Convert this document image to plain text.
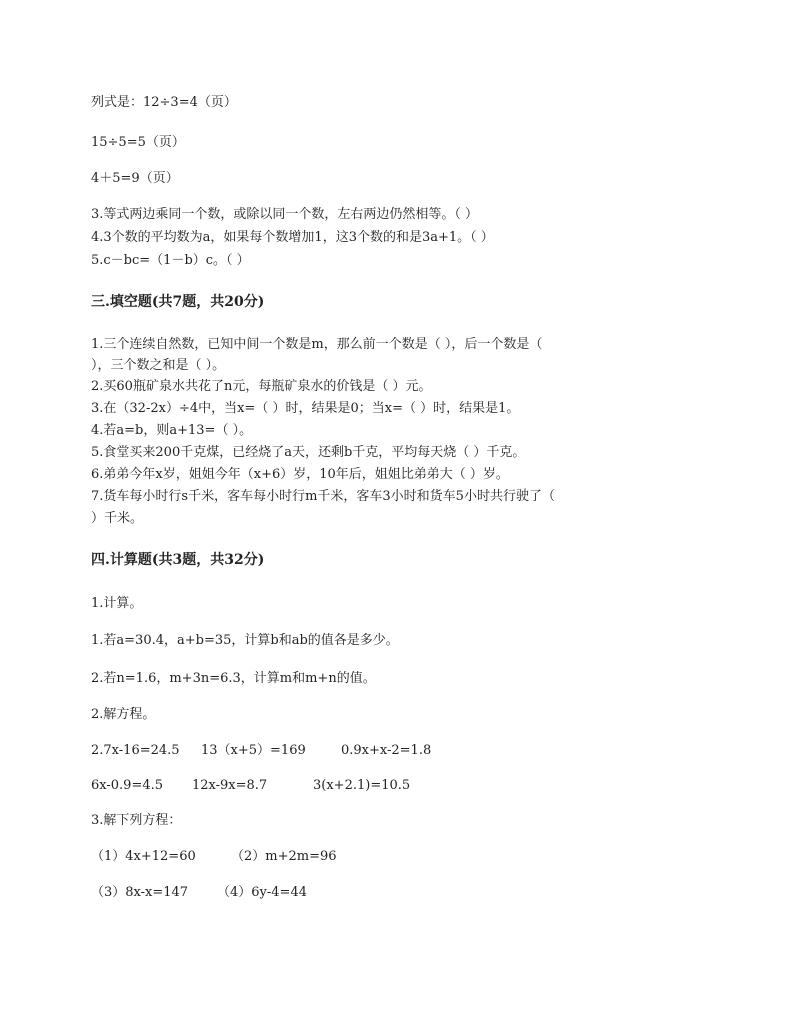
列式是：12÷3=4（页）
15÷5=5（页）
4＋5=9（页）
3.等式两边乘同一个数，或除以同一个数，左右两边仍然相等。（ ）
4.3个数的平均数为a，如果每个数增加1，这3个数的和是3a+1。（ ）
5.c－bc=（1－b）c。（ ）
三.填空题(共7题，共20分)
1.三个连续自然数，已知中间一个数是m，那么前一个数是（ ），后一个数是（
），三个数之和是（ ）。
2.买60瓶矿泉水共花了n元，每瓶矿泉水的价钱是（ ）元。
3.在（32-2x）÷4中，当x=（ ）时，结果是0；当x=（ ）时，结果是1。
4.若a=b，则a+13=（ ）。
5.食堂买来200千克煤，已经烧了a天，还剩b千克，平均每天烧（ ）千克。
6.弟弟今年x岁，姐姐今年（x+6）岁，10年后，姐姐比弟弟大（ ）岁。
7.货车每小时行s千米，客车每小时行m千米，客车3小时和货车5小时共行驶了（
）千米。
四.计算题(共3题，共32分)
1.计算。
1.若a=30.4，a+b=35，计算b和ab的值各是多少。
2.若n=1.6，m+3n=6.3，计算m和m+n的值。
2.解方程。
2.7x-16=24.5 13（x+5）=169	0.9x+x-2=1.8
6x-0.9=4.5 12x-9x=8.7	3(x+2.1)=10.5
3.解下列方程：
（1）4x+12=60	（2）m+2m=96
（3）8x-x=147 （4）6y-4=44
